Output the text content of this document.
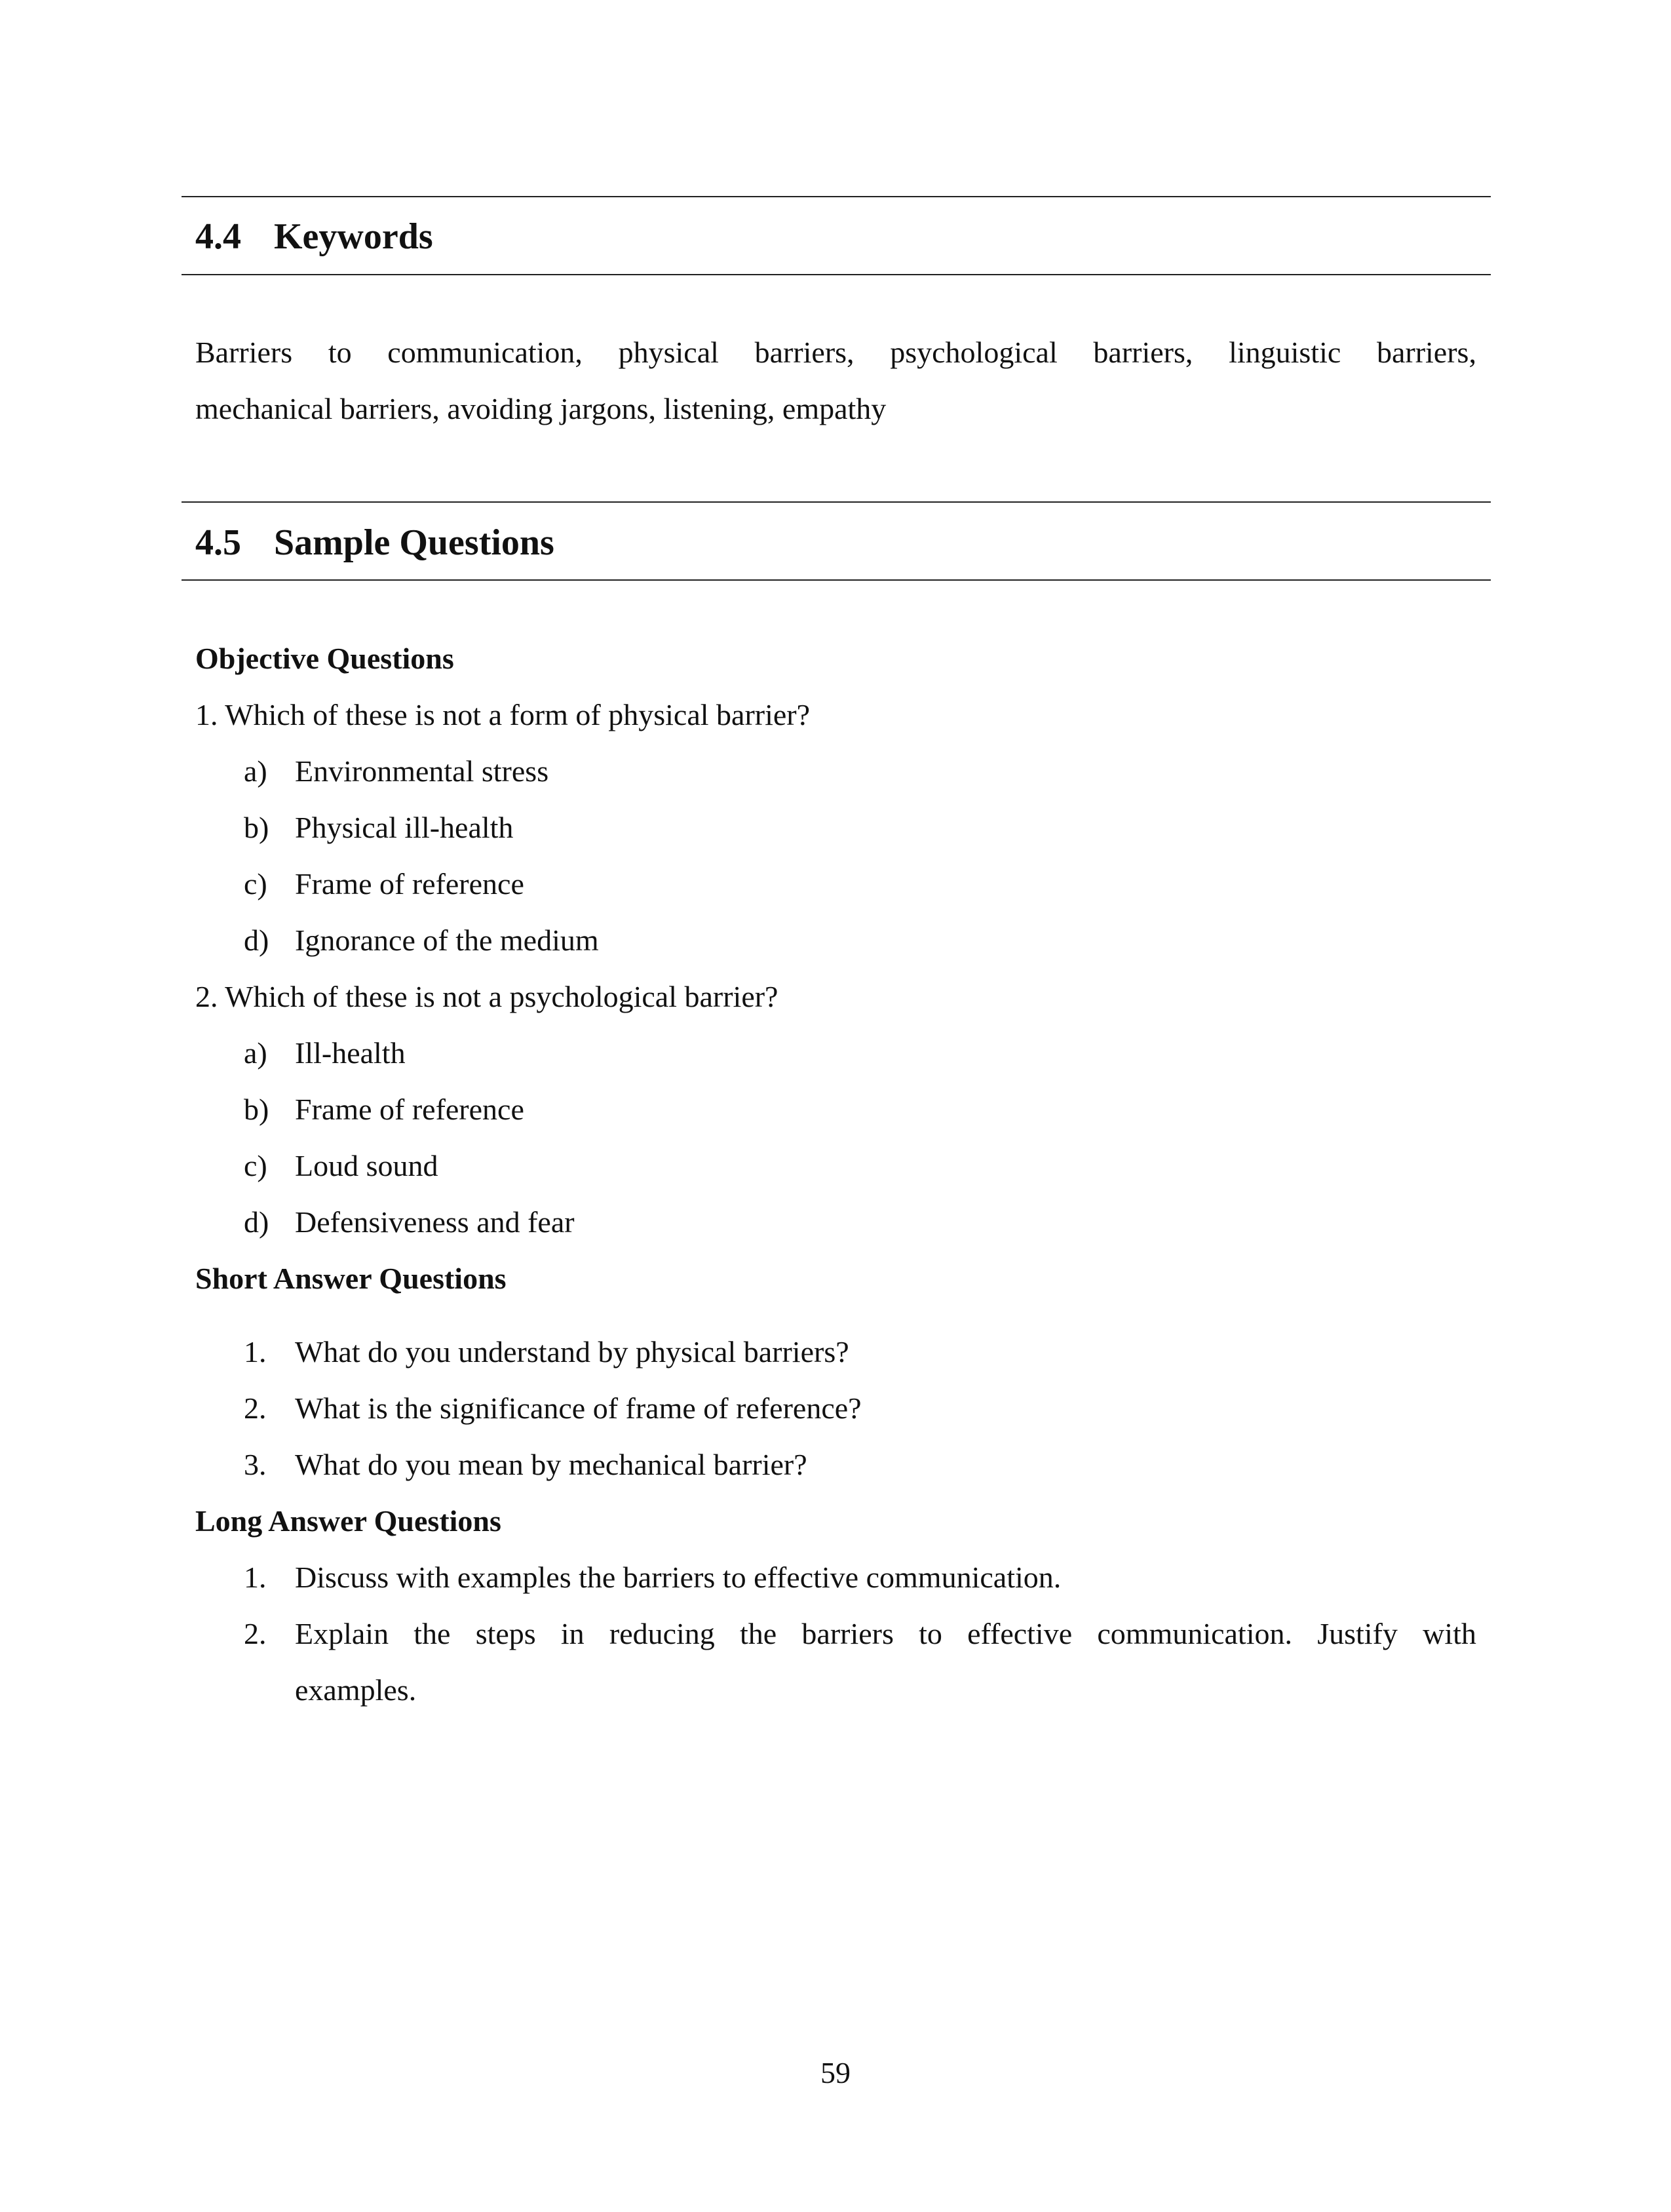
4.4 Keywords
Barriers to communication, physical barriers, psychological barriers, linguistic barriers,
mechanical barriers, avoiding jargons, listening, empathy
4.5 Sample Questions
Objective Questions
1. Which of these is not a form of physical barrier?
a) Environmental stress
b) Physical ill-health
c) Frame of reference
d) Ignorance of the medium
2. Which of these is not a psychological barrier?
a) Ill-health
b) Frame of reference
c) Loud sound
d) Defensiveness and fear
Short Answer Questions
1. What do you understand by physical barriers?
2. What is the significance of frame of reference?
3. What do you mean by mechanical barrier?
Long Answer Questions
1. Discuss with examples the barriers to effective communication.
2. Explain the steps in reducing the barriers to effective communication. Justify with
examples.
59
